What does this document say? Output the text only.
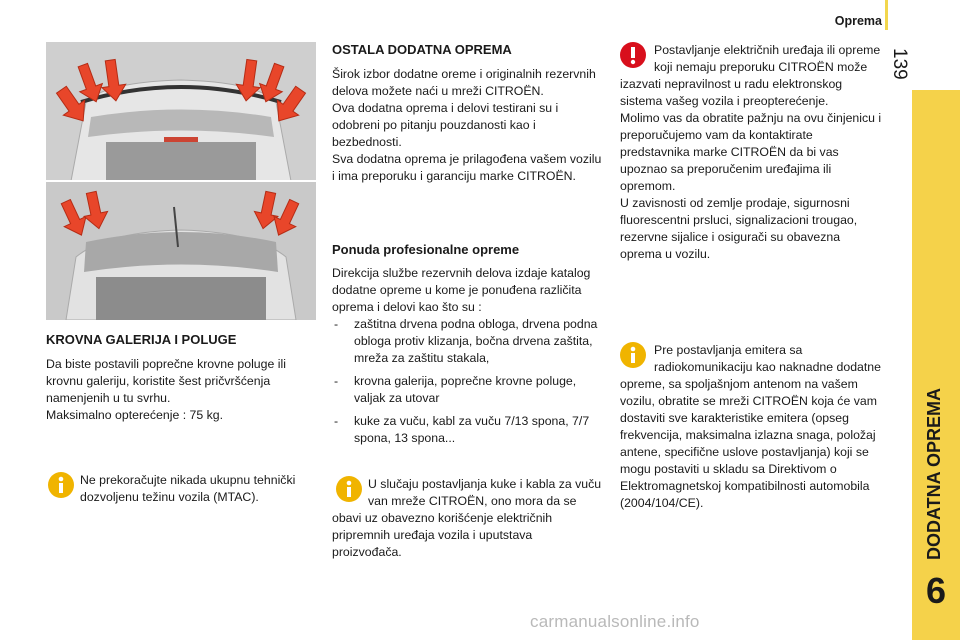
Oprema
139
DODATNA OPREMA
6
KROVNA GALERIJA I POLUGE

Da biste postavili poprečne krovne poluge ili krovnu galeriju, koristite šest pričvršćenja namenjenih u tu svrhu.

Maksimalno opterećenje : 75 kg.

Ne prekoračujte nikada ukupnu tehnički dozvoljenu težinu vozila (MTAC).
OSTALA DODATNA OPREMA

Širok izbor dodatne oreme i originalnih rezervnih delova možete naći u mreži CITROËN.

Ova dodatna oprema i delovi testirani su i odobreni po pitanju pouzdanosti kao i bezbednosti.

Sva dodatna oprema je prilagođena vašem vozilu i ima preporuku i garanciju marke CITROËN.

Ponuda profesionalne opreme

Direkcija službe rezervnih delova izdaje katalog dodatne opreme u kome je ponuđena različita oprema i delovi kao što su :

- zaštitna drvena podna obloga, drvena podna obloga protiv klizanja, bočna drvena zaštita, mreža za zaštitu stakala,
- krovna galerija, poprečne krovne poluge, valjak za utovar
- kuke za vuču, kabl za vuču 7/13 spona, 7/7 spona, 13 spona...
U slučaju postavljanja kuke i kabla za vuču van mreže CITROËN, ono mora da se obavi uz obavezno korišćenje električnih pripremnih uređaja vozila i uputstava proizvođača.
Postavljanje električnih uređaja ili opreme koji nemaju preporuku CITROËN može izazvati nepravilnost u radu elektronskog sistema vašeg vozila i preopterećenje.
Molimo vas da obratite pažnju na ovu činjenicu i preporučujemo vam da kontaktirate predstavnika marke CITROËN da bi vas upoznao sa preporučenim uređajima ili opremom.
U zavisnosti od zemlje prodaje, sigurnosni fluorescentni prsluci, signalizacioni trougao, rezervne sijalice i osigurači su obavezna oprema u vozilu.
Pre postavljanja emitera sa radiokomunikaciju kao naknadne dodatne opreme, sa spoljašnjom antenom na vašem vozilu, obratite se mreži CITROËN koja će vam dostaviti sve karakteristike emitera (opseg frekvencija, maksimalna izlazna snaga, položaj antene, specifične uslove postavljanja) koji se mogu postaviti u skladu sa Direktivom o Elektromagnetskoj kompatibilnosti automobila (2004/104/CE).
carmanualsonline.info
